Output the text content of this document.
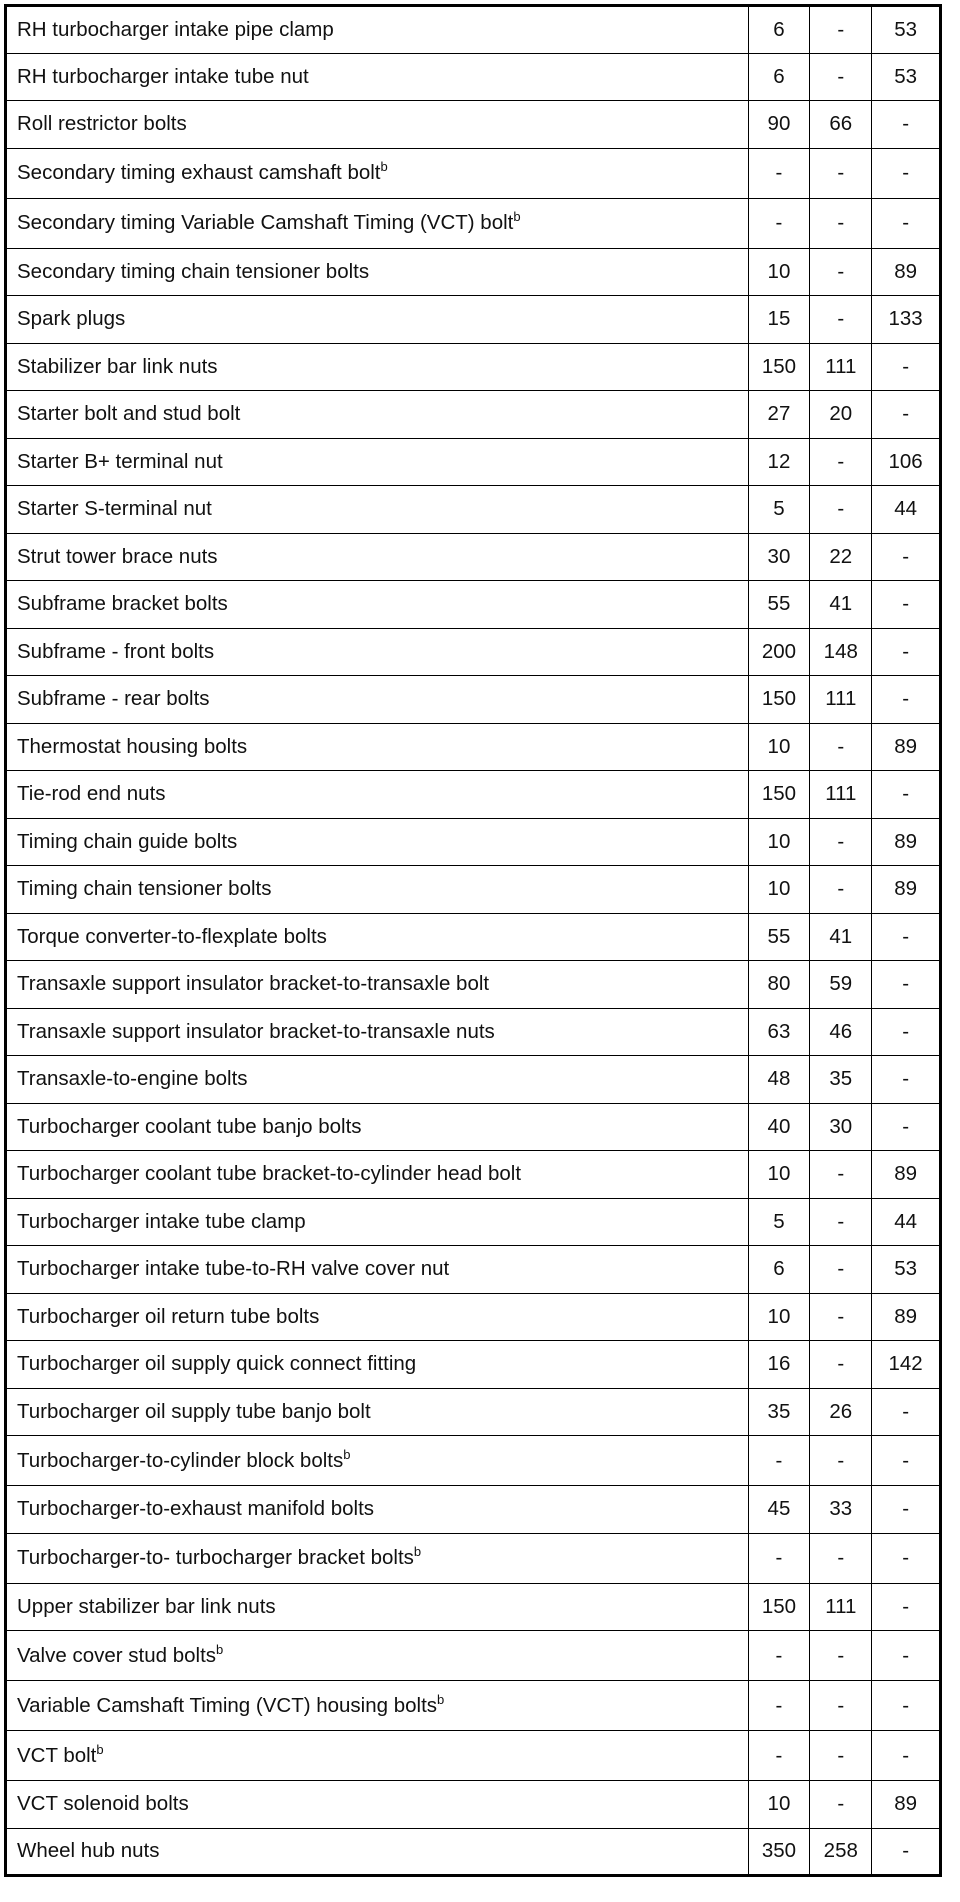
RH turbocharger intake pipe clamp	6	-	53
RH turbocharger intake tube nut	6	-	53
Roll restrictor bolts	90	66	-
Secondary timing exhaust camshaft bolt$^b$	-	-	-
Secondary timing Variable Camshaft Timing (VCT) bolt$^b$	-	-	-
Secondary timing chain tensioner bolts	10	-	89
Spark plugs	15	-	133
Stabilizer bar link nuts	150	111	-
Starter bolt and stud bolt	27	20	-
Starter B+ terminal nut	12	-	106
Starter S-terminal nut	5	-	44
Strut tower brace nuts	30	22	-
Subframe bracket bolts	55	41	-
Subframe - front bolts	200	148	-
Subframe - rear bolts	150	111	-
Thermostat housing bolts	10	-	89
Tie-rod end nuts	150	111	-
Timing chain guide bolts	10	-	89
Timing chain tensioner bolts	10	-	89
Torque converter-to-flexplate bolts	55	41	-
Transaxle support insulator bracket-to-transaxle bolt	80	59	-
Transaxle support insulator bracket-to-transaxle nuts	63	46	-
Transaxle-to-engine bolts	48	35	-
Turbocharger coolant tube banjo bolts	40	30	-
Turbocharger coolant tube bracket-to-cylinder head bolt	10	-	89
Turbocharger intake tube clamp	5	-	44
Turbocharger intake tube-to-RH valve cover nut	6	-	53
Turbocharger oil return tube bolts	10	-	89
Turbocharger oil supply quick connect fitting	16	-	142
Turbocharger oil supply tube banjo bolt	35	26	-
Turbocharger-to-cylinder block bolts$^b$	-	-	-
Turbocharger-to-exhaust manifold bolts	45	33	-
Turbocharger-to- turbocharger bracket bolts$^b$	-	-	-
Upper stabilizer bar link nuts	150	111	-
Valve cover stud bolts$^b$	-	-	-
Variable Camshaft Timing (VCT) housing bolts$^b$	-	-	-
VCT bolt$^b$	-	-	-
VCT solenoid bolts	10	-	89
Wheel hub nuts	350	258	-
